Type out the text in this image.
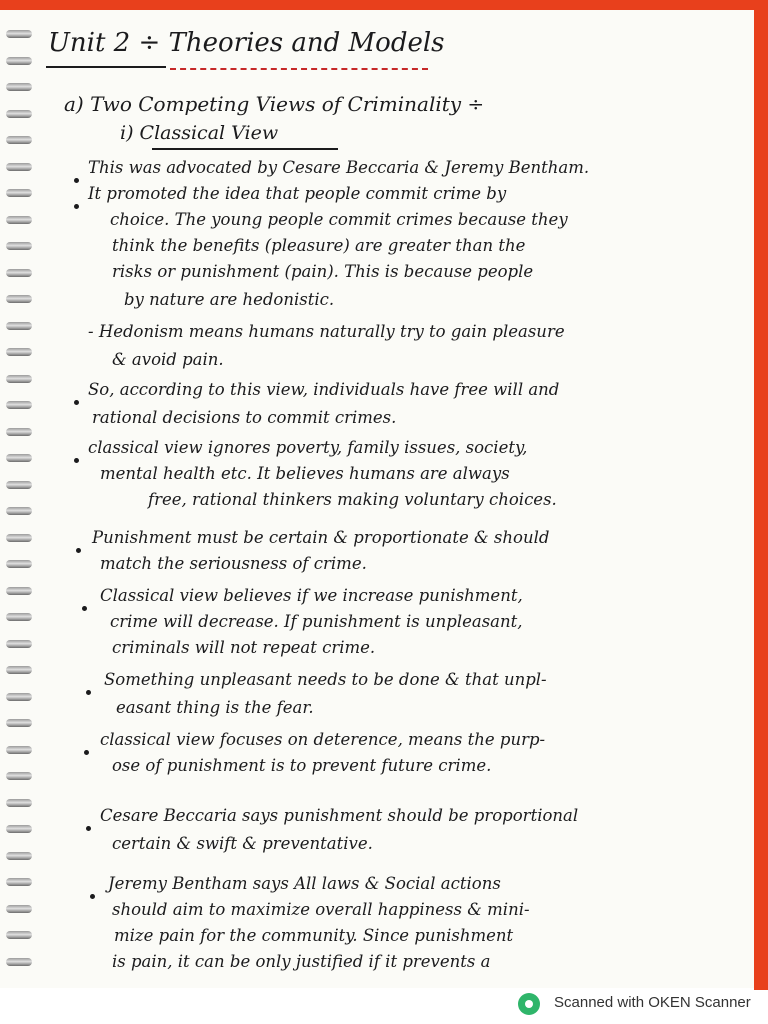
Unit 2 ÷ Theories and Models
a) Two Competing Views of Criminality ÷
i) Classical View
This was advocated by Cesare Beccaria & Jeremy Bentham.
It promoted the idea that people commit crime by
choice. The young people commit crimes because they
think the benefits (pleasure) are greater than the
risks or punishment (pain). This is because people
by nature are hedonistic.
- Hedonism means humans naturally try to gain pleasure
& avoid pain.
So, according to this view, individuals have free will and
rational decisions to commit crimes.
classical view ignores poverty, family issues, society,
mental health etc. It believes humans are always
free, rational thinkers making voluntary choices.
Punishment must be certain & proportionate & should
match the seriousness of crime.
Classical view believes if we increase punishment,
crime will decrease. If punishment is unpleasant,
criminals will not repeat crime.
Something unpleasant needs to be done & that unpl-
easant thing is the fear.
classical view focuses on deterence, means the purp-
ose of punishment is to prevent future crime.
Cesare Beccaria says punishment should be proportional
certain & swift & preventative.
Jeremy Bentham says All laws & Social actions
should aim to maximize overall happiness & mini-
mize pain for the community. Since punishment
is pain, it can be only justified if it prevents a
Scanned with OKEN Scanner
